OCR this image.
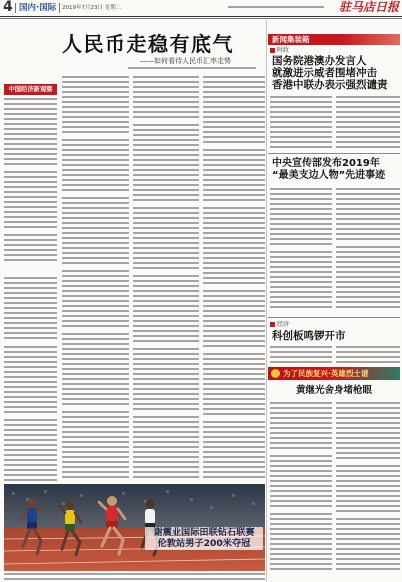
4 国内·国际	2019年7月23日 星期二	驻马店日报
人民币走稳有底气
——如何看待人民币汇率走势
中国经济新观察
谢震业国际田联钻石联赛
伦敦站男子200米夺冠
新闻集装箱
时政
国务院港澳办发言人
就激进示威者围堵冲击
香港中联办表示强烈谴责
中央宣传部发布2019年
“最美支边人物”先进事迹
经济
科创板鸣锣开市
为了民族复兴·英雄烈士谱
黄继光舍身堵枪眼
